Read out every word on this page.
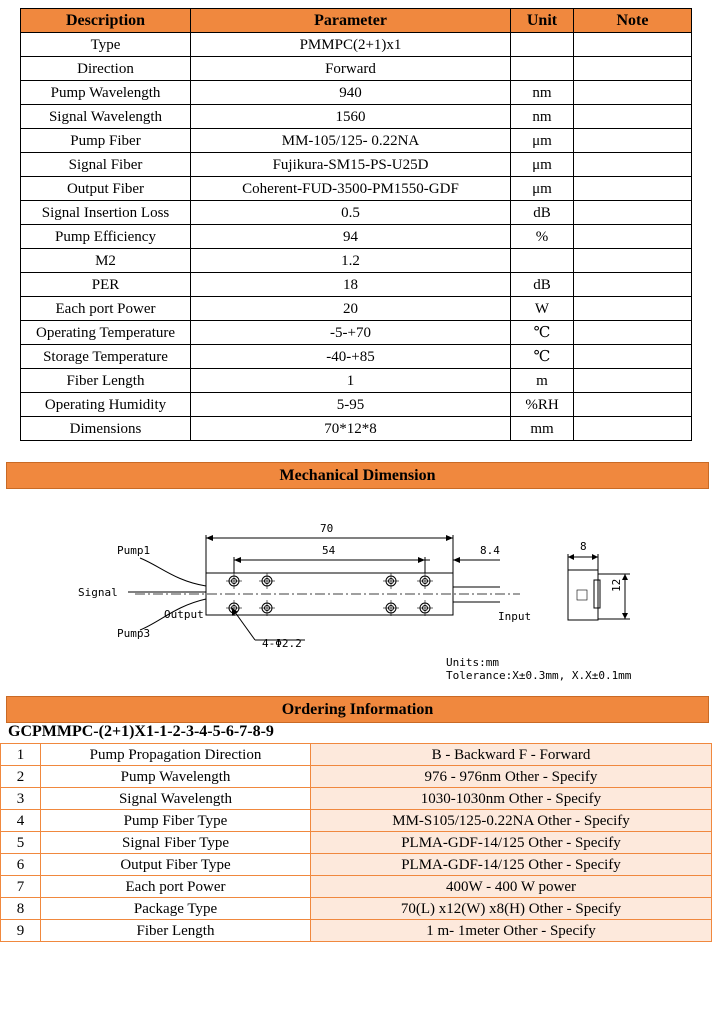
Description	Parameter	Unit	Note
Type	PMMPC(2+1)x1		
Direction	Forward		
Pump Wavelength	940	nm	
Signal Wavelength	1560	nm	
Pump Fiber	MM-105/125- 0.22NA	μm	
Signal Fiber	Fujikura-SM15-PS-U25D	μm	
Output Fiber	Coherent-FUD-3500-PM1550-GDF	μm	
Signal Insertion Loss	0.5	dB	
Pump Efficiency	94	%	
M2	1.2		
PER	18	dB	
Each port Power	20	W	
Operating Temperature	-5-+70	℃	
Storage Temperature	-40-+85	℃	
Fiber Length	1	m	
Operating Humidity	5-95	%RH	
Dimensions	70*12*8	mm	
Mechanical Dimension
Pump1
Signal
Pump3
Output	Input
70
54	8.4
4-Φ2.2
8
12
Units:mm
Tolerance:X±0.3mm, X.X±0.1mm
Ordering Information
GCPMMPC-(2+1)X1-1-2-3-4-5-6-7-8-9
1	Pump Propagation Direction	B - Backward F - Forward
2	Pump Wavelength	976 - 976nm Other - Specify
3	Signal Wavelength	1030-1030nm Other - Specify
4	Pump Fiber Type	MM-S105/125-0.22NA Other - Specify
5	Signal Fiber Type	PLMA-GDF-14/125 Other - Specify
6	Output Fiber Type	PLMA-GDF-14/125 Other - Specify
7	Each port Power	400W - 400 W power
8	Package Type	70(L) x12(W) x8(H) Other - Specify
9	Fiber Length	1 m- 1meter Other - Specify
